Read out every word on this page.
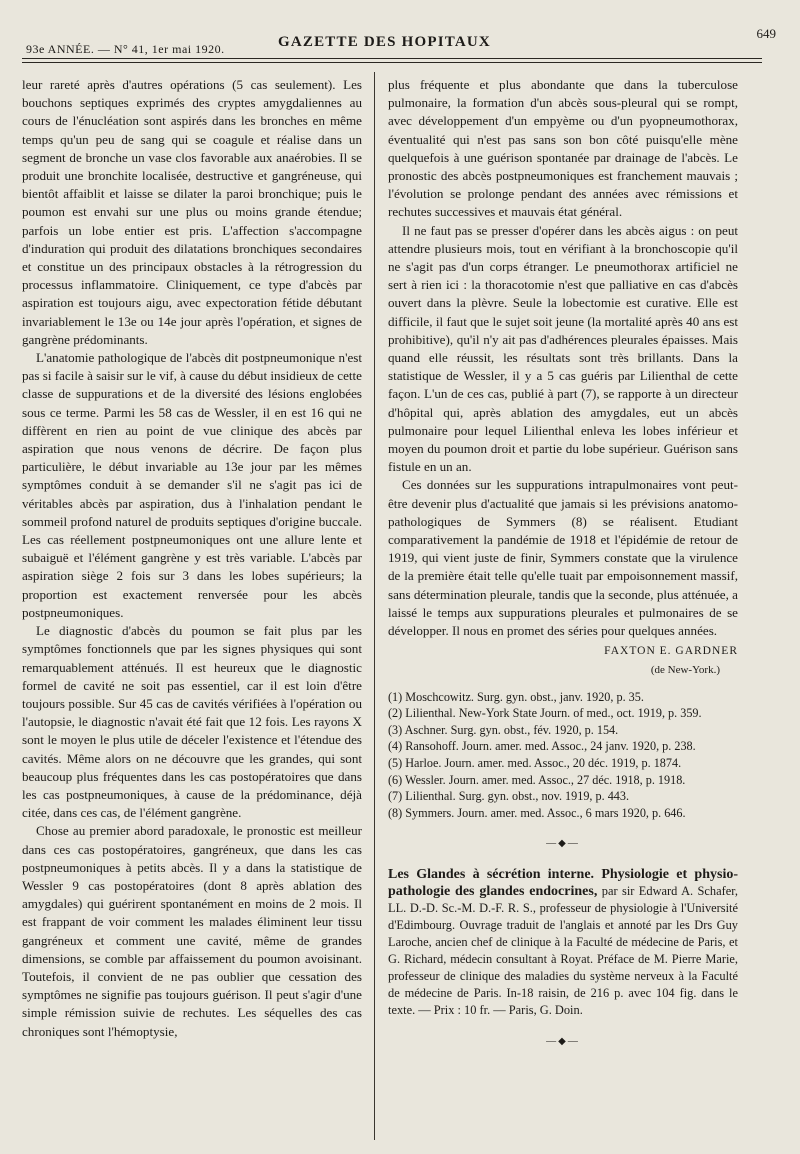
93e ANNÉE. — N° 41, 1er mai 1920.	GAZETTE DES HOPITAUX
649

leur rareté après d'autres opérations (5 cas seulement). Les bouchons septiques exprimés des cryptes amygdaliennes au cours de l'énucléation sont aspirés dans les bronches en même temps qu'un peu de sang qui se coagule et réalise dans un segment de bronche un vase clos favorable aux anaérobies. Il se produit une bronchite localisée, destructive et gangréneuse, qui bientôt affaiblit et laisse se dilater la paroi bronchique; puis le poumon est envahi sur une plus ou moins grande étendue; parfois un lobe entier est pris. L'affection s'accompagne d'induration qui produit des dilatations bronchiques secondaires et constitue un des principaux obstacles à la rétrogression du processus inflammatoire. Cliniquement, ce type d'abcès par aspiration est toujours aigu, avec expectoration fétide débutant invariablement le 13e ou 14e jour après l'opération, et signes de gangrène prédominants.

L'anatomie pathologique de l'abcès dit postpneumonique n'est pas si facile à saisir sur le vif, à cause du début insidieux de cette classe de suppurations et de la diversité des lésions englobées sous ce terme. Parmi les 58 cas de Wessler, il en est 16 qui ne diffèrent en rien au point de vue clinique des abcès par aspiration que nous venons de décrire. De façon plus particulière, le début invariable au 13e jour par les mêmes symptômes conduit à se demander s'il ne s'agit pas ici de véritables abcès par aspiration, dus à l'inhalation pendant le sommeil profond naturel de produits septiques d'origine buccale. Les cas réellement postpneumoniques ont une allure lente et subaiguë et l'élément gangrène y est très variable. L'abcès par aspiration siège 2 fois sur 3 dans les lobes supérieurs; la proportion est exactement renversée pour les abcès postpneumoniques.

Le diagnostic d'abcès du poumon se fait plus par les symptômes fonctionnels que par les signes physiques qui sont remarquablement atténués. Il est heureux que le diagnostic formel de cavité ne soit pas essentiel, car il est loin d'être toujours possible. Sur 45 cas de cavités vérifiées à l'opération ou l'autopsie, le diagnostic n'avait été fait que 12 fois. Les rayons X sont le moyen le plus utile de déceler l'existence et l'étendue des cavités. Même alors on ne découvre que les grandes, qui sont beaucoup plus fréquentes dans les cas postopératoires que dans les cas postpneumoniques, à cause de la prédominance, déjà citée, dans ces cas, de l'élément gangrène.

Chose au premier abord paradoxale, le pronostic est meilleur dans ces cas postopératoires, gangréneux, que dans les cas postpneumoniques à petits abcès. Il y a dans la statistique de Wessler 9 cas postopératoires (dont 8 après ablation des amygdales) qui guérirent spontanément en moins de 2 mois. Il est frappant de voir comment les malades éliminent leur tissu gangréneux et comment une cavité, même de grandes dimensions, se comble par affaissement du poumon avoisinant. Toutefois, il convient de ne pas oublier que cessation des symptômes ne signifie pas toujours guérison. Il peut s'agir d'une simple rémission suivie de rechutes. Les séquelles des cas chroniques sont l'hémoptysie,

plus fréquente et plus abondante que dans la tuberculose pulmonaire, la formation d'un abcès sous-pleural qui se rompt, avec développement d'un empyème ou d'un pyopneumothorax, éventualité qui n'est pas sans son bon côté puisqu'elle mène quelquefois à une guérison spontanée par drainage de l'abcès. Le pronostic des abcès postpneumoniques est franchement mauvais ; l'évolution se prolonge pendant des années avec rémissions et rechutes successives et mauvais état général.

Il ne faut pas se presser d'opérer dans les abcès aigus : on peut attendre plusieurs mois, tout en vérifiant à la bronchoscopie qu'il ne s'agit pas d'un corps étranger. Le pneumothorax artificiel ne sert à rien ici : la thoracotomie n'est que palliative en cas d'abcès ouvert dans la plèvre. Seule la lobectomie est curative. Elle est difficile, il faut que le sujet soit jeune (la mortalité après 40 ans est prohibitive), qu'il n'y ait pas d'adhérences pleurales épaisses. Mais quand elle réussit, les résultats sont très brillants. Dans la statistique de Wessler, il y a 5 cas guéris par Lilienthal de cette façon. L'un de ces cas, publié à part (7), se rapporte à un directeur d'hôpital qui, après ablation des amygdales, eut un abcès pulmonaire pour lequel Lilienthal enleva les lobes inférieur et moyen du poumon droit et partie du lobe supérieur. Guérison sans fistule en un an.

Ces données sur les suppurations intrapulmonaires vont peut-être devenir plus d'actualité que jamais si les prévisions anatomo-pathologiques de Symmers (8) se réalisent. Etudiant comparativement la pandémie de 1918 et l'épidémie de retour de 1919, qui vient juste de finir, Symmers constate que la virulence de la première était telle qu'elle tuait par empoisonnement massif, sans détermination pleurale, tandis que la seconde, plus atténuée, a laissé le temps aux suppurations pleurales et pulmonaires de se développer. Il nous en promet des séries pour quelques années.

FAXTON E. GARDNER
(de New-York.)
(1) Moschcowitz. Surg. gyn. obst., janv. 1920, p. 35.
(2) Lilienthal. New-York State Journ. of med., oct. 1919, p. 359.
(3) Aschner. Surg. gyn. obst., fév. 1920, p. 154.
(4) Ransohoff. Journ. amer. med. Assoc., 24 janv. 1920, p. 238.
(5) Harloe. Journ. amer. med. Assoc., 20 déc. 1919, p. 1874.
(6) Wessler. Journ. amer. med. Assoc., 27 déc. 1918, p. 1918.
(7) Lilienthal. Surg. gyn. obst., nov. 1919, p. 443.
(8) Symmers. Journ. amer. med. Assoc., 6 mars 1920, p. 646.
—◆—
Les Glandes à sécrétion interne. Physiologie et physio-pathologie des glandes endocrines, par sir Edward A. Schafer, LL. D.-D. Sc.-M. D.-F. R. S., professeur de physiologie à l'Université d'Edimbourg. Ouvrage traduit de l'anglais et annoté par les Drs Guy Laroche, ancien chef de clinique à la Faculté de médecine de Paris, et G. Richard, médecin consultant à Royat. Préface de M. Pierre Marie, professeur de clinique des maladies du système nerveux à la Faculté de médecine de Paris. In-18 raisin, de 216 p. avec 104 fig. dans le texte. — Prix : 10 fr. — Paris, G. Doin.
—◆—
